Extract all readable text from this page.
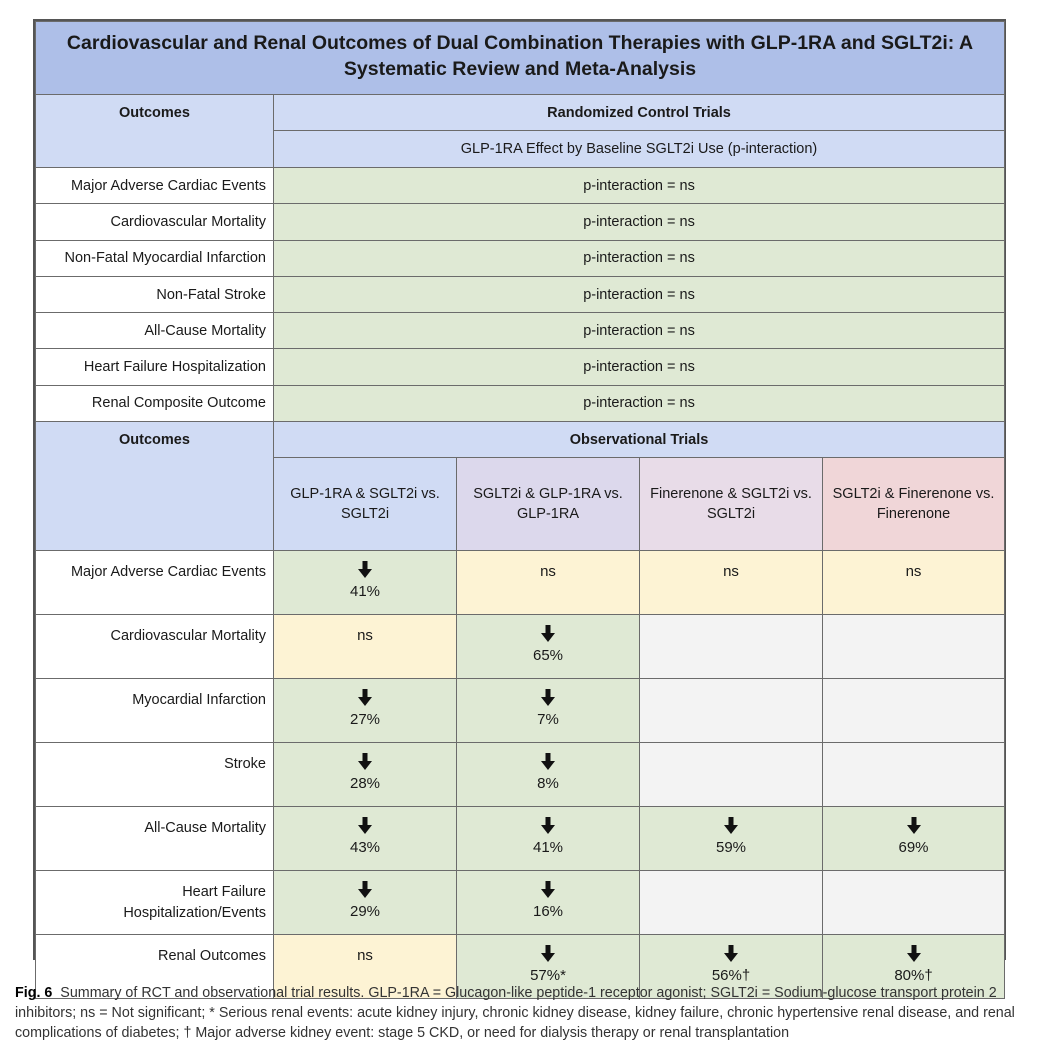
Cardiovascular and Renal Outcomes of Dual Combination Therapies with GLP-1RA and SGLT2i: A Systematic Review and Meta-Analysis				
Outcomes	Randomized Control Trials			
	GLP-1RA Effect by Baseline SGLT2i Use (p-interaction)			
Major Adverse Cardiac Events	p-interaction = ns			
Cardiovascular Mortality	p-interaction = ns			
Non-Fatal Myocardial Infarction	p-interaction = ns			
Non-Fatal Stroke	p-interaction = ns			
All-Cause Mortality	p-interaction = ns			
Heart Failure Hospitalization	p-interaction = ns			
Renal Composite Outcome	p-interaction = ns			
Outcomes	Observational Trials			
	GLP-1RA & SGLT2i vs. SGLT2i	SGLT2i & GLP-1RA vs. GLP-1RA	Finerenone & SGLT2i vs. SGLT2i	SGLT2i & Finerenone vs. Finerenone
Major Adverse Cardiac Events	41%	ns	ns	ns

Cardiovascular Mortality	ns	65%		
Myocardial Infarction	27%	7%		
Stroke	28%	8%		
All-Cause Mortality	43%	41%	59%	69%
Heart Failure Hospitalization/Events	29%	16%		
Renal Outcomes	ns	57%*	56%†	80%†
Fig. 6 Summary of RCT and observational trial results. GLP-1RA = Glucagon-like peptide-1 receptor agonist; SGLT2i = Sodium-glucose transport protein 2 inhibitors; ns = Not significant; * Serious renal events: acute kidney injury, chronic kidney disease, kidney failure, chronic hypertensive renal disease, and renal complications of diabetes; † Major adverse kidney event: stage 5 CKD, or need for dialysis therapy or renal transplantation
